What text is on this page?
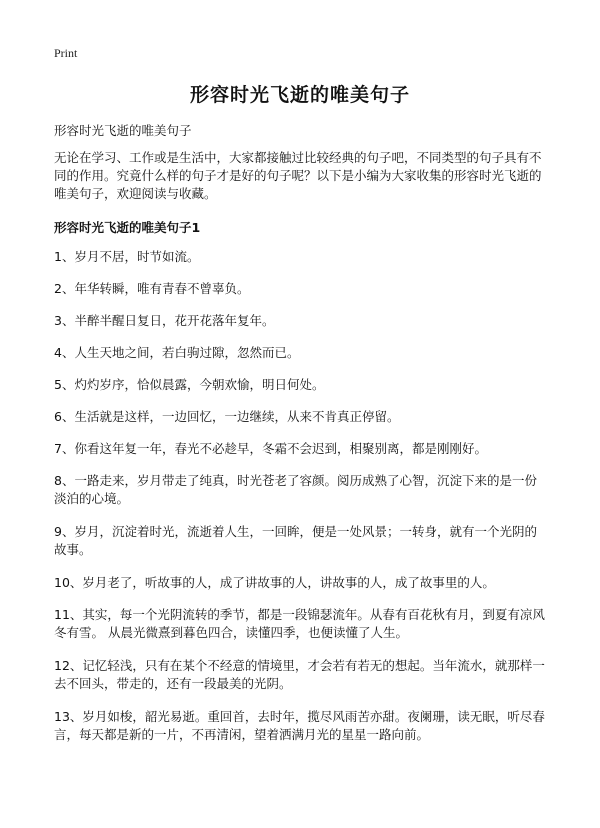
Print
形容时光飞逝的唯美句子

形容时光飞逝的唯美句子

无论在学习、工作或是生活中，大家都接触过比较经典的句子吧，不同类型的句子具有不同的作用。究竟什么样的句子才是好的句子呢？以下是小编为大家收集的形容时光飞逝的唯美句子，欢迎阅读与收藏。

形容时光飞逝的唯美句子1
1、岁月不居，时节如流。
2、年华转瞬，唯有青春不曾辜负。
3、半醉半醒日复日，花开花落年复年。
4、人生天地之间，若白驹过隙，忽然而已。
5、灼灼岁序，恰似晨露，今朝欢愉，明日何处。
6、生活就是这样，一边回忆，一边继续，从来不肯真正停留。
7、你看这年复一年，春光不必趁早，冬霜不会迟到，相聚别离，都是刚刚好。
8、一路走来，岁月带走了纯真，时光苍老了容颜。阅历成熟了心智，沉淀下来的是一份淡泊的心境。
9、岁月，沉淀着时光，流逝着人生，一回眸，便是一处风景；一转身，就有一个光阴的故事。
10、岁月老了，听故事的人，成了讲故事的人，讲故事的人，成了故事里的人。
11、其实，每一个光阴流转的季节，都是一段锦瑟流年。从春有百花秋有月，到夏有凉风冬有雪。 从晨光微熹到暮色四合，读懂四季，也便读懂了人生。
12、记忆轻浅，只有在某个不经意的情境里，才会若有若无的想起。当年流水，就那样一去不回头，带走的，还有一段最美的光阴。
13、岁月如梭，韶光易逝。重回首，去时年，揽尽风雨苦亦甜。夜阑珊，读无眠，听尽春言，每天都是新的一片，不再清闲，望着洒满月光的星星一路向前。
